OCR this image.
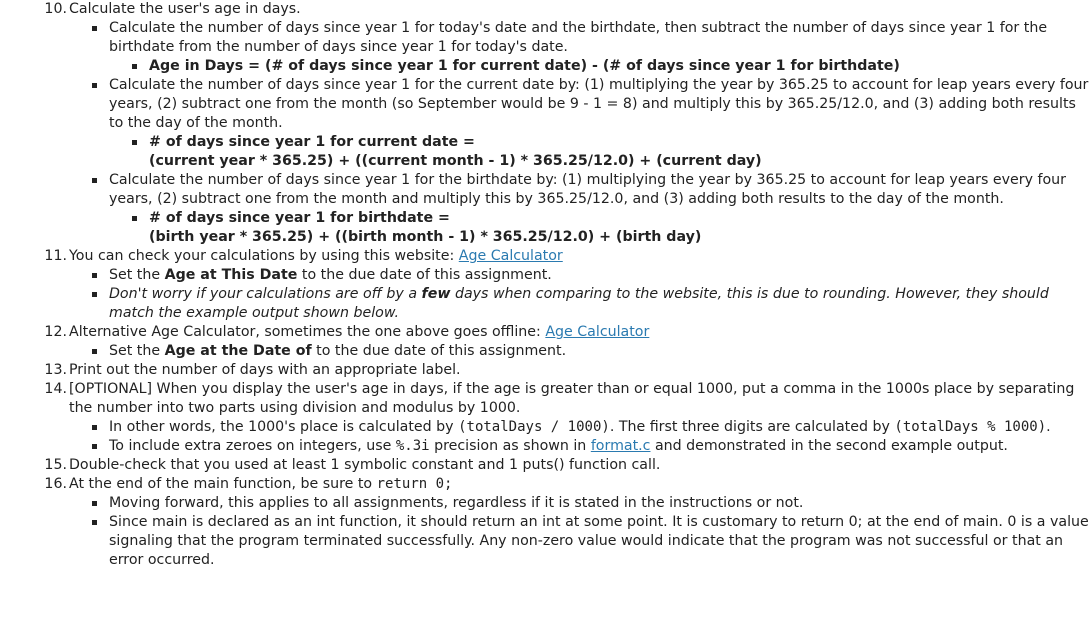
10. Calculate the user's age in days.
Calculate the number of days since year 1 for today's date and the birthdate, then subtract the number of days since year 1 for the birthdate from the number of days since year 1 for today's date.
Age in Days = (# of days since year 1 for current date) - (# of days since year 1 for birthdate)
Calculate the number of days since year 1 for the current date by: (1) multiplying the year by 365.25 to account for leap years every four years, (2) subtract one from the month (so September would be 9 - 1 = 8) and multiply this by 365.25/12.0, and (3) adding both results to the day of the month.
# of days since year 1 for current date =
(current year * 365.25) + ((current month - 1) * 365.25/12.0) + (current day)
Calculate the number of days since year 1 for the birthdate by: (1) multiplying the year by 365.25 to account for leap years every four years, (2) subtract one from the month and multiply this by 365.25/12.0, and (3) adding both results to the day of the month.
# of days since year 1 for birthdate =
(birth year * 365.25) + ((birth month - 1) * 365.25/12.0) + (birth day)
11. You can check your calculations by using this website: Age Calculator
Set the Age at This Date to the due date of this assignment.
Don't worry if your calculations are off by a few days when comparing to the website, this is due to rounding. However, they should match the example output shown below.
12. Alternative Age Calculator, sometimes the one above goes offline: Age Calculator
Set the Age at the Date of to the due date of this assignment.
13. Print out the number of days with an appropriate label.
14. [OPTIONAL] When you display the user's age in days, if the age is greater than or equal 1000, put a comma in the 1000s place by separating the number into two parts using division and modulus by 1000.
In other words, the 1000's place is calculated by (totalDays / 1000). The first three digits are calculated by (totalDays % 1000).
To include extra zeroes on integers, use %.3i precision as shown in format.c and demonstrated in the second example output.
15. Double-check that you used at least 1 symbolic constant and 1 puts() function call.
16. At the end of the main function, be sure to return 0;
Moving forward, this applies to all assignments, regardless if it is stated in the instructions or not.
Since main is declared as an int function, it should return an int at some point. It is customary to return 0; at the end of main. 0 is a value signaling that the program terminated successfully. Any non-zero value would indicate that the program was not successful or that an error occurred.
